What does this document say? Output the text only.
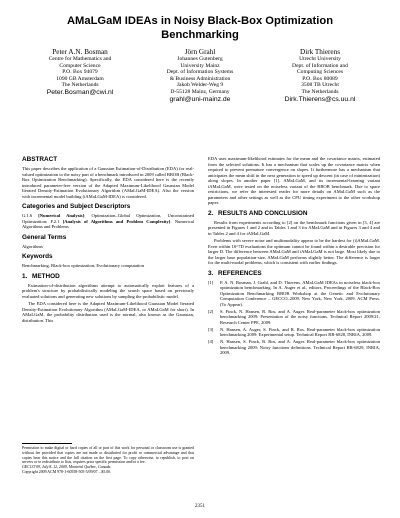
AMaLGaM IDEAs in Noisy Black-Box Optimization
Benchmarking
Peter A.N. Bosman
Centre for Mathematics and
Computer Science
P.O. Box 94079
1090 GB Amsterdam
The Netherlands
Peter.Bosman@cwi.nl
Jörn Grahl
Johannes Gutenberg
University Mainz
Dept. of Information Systems
& Business Administration
Jakob Welder-Weg 9
D-55128 Mainz, Germany
grahl@uni-mainz.de
Dirk Thierens
Utrecht University
Dept. of Information and
Computing Sciences
P.O. Box 80089
3508 TB Utrecht
The Netherlands
Dirk.Thierens@cs.uu.nl
ABSTRACT

This paper describes the application of a Gaussian Estimation-of-Distribution (EDA) for real-valued optimization to the noisy part of a benchmark introduced in 2009 called BBOB (Black-Box Optimization Benchmarking). Specifically, the EDA considered here is the recently introduced parameter-free version of the Adapted Maximum-Likelihood Gaussian Model Iterated Density-Estimation Evolutionary Algorithm (AMaLGaM-IDEA). Also the version with incremental model building (iAMaLGaM-IDEA) is considered.

Categories and Subject Descriptors

G.1.6 [Numerical Analysis]: Optimization–Global Optimization, Unconstrained Optimization; F.2.1 [Analysis of Algorithms and Problem Complexity]: Numerical Algorithms and Problems

General Terms

Algorithms

Keywords

Benchmarking, Black-box optimization, Evolutionary computation

1. METHOD

Estimation-of-distribution algorithms attempt to automatically exploit features of a problem's structure by probabilistically modeling the search space based on previously evaluated solutions and generating new solutions by sampling the probabilistic model.

The EDA considered here is the Adapted Maximum-Likelihood Gaussian Model Iterated Density-Estimation Evolutionary Algorithm (AMaLGaM-IDEA, or AMaLGaM for short). In AMaLGaM, the probability distribution used is the normal, also known as the Gaussian, distribution. This

Permission to make digital or hard copies of all or part of this work for personal or classroom use is granted without fee provided that copies are not made or distributed for profit or commercial advantage and that copies bear this notice and the full citation on the first page. To copy otherwise, to republish, to post on servers or to redistribute to lists, requires prior specific permission and/or a fee.

GECCO'09, July 8–12, 2009, Montréal Québec, Canada.

Copyright 2009 ACM 978-1-60558-505-5/09/07 ...$5.00.

EDA uses maximum-likelihood estimates for the mean and the covariance matrix, estimated from the selected solutions. It has a mechanism that scales up the covariance matrix when required to prevent premature convergence on slopes. It furthermore has a mechanism that anticipates the mean shift in the next generation to speed up descent (in case of minimization) along slopes. In another paper [1], AMaLGaM, and its incremental-learning variant iAMaLGaM, were tested on the noiseless variant of the BBOB benchmark. Due to space restrictions, we refer the interested reader for more details on AMaLGaM such as the parameters and other settings as well as the CPU timing experiment to the other workshop paper.

2. RESULTS AND CONCLUSION

Results from experiments according to [2] on the benchmark functions given in [3, 4] are presented in Figures 1 and 2 and in Tables 1 and 3 for AMaLGaM and in Figures 3 and 4 and in Tables 2 and 4 for iAMaLGaM.

Problems with severe noise and multimodality appear to be the hardest for (i)AMaLGaM. Even within 10^7D evaluations the optimum cannot be found within a desirable precision for larger D. The difference between AMaLGaM and iAMaLGaM is not large. Most likely due to the larger base population-size, AMaLGaM performs slightly better. The difference is larger for the multi-modal problems, which is consistent with earlier findings.

3. REFERENCES
[1] P. A. N. Bosman, J. Grahl, and D. Thierens. AMaLGaM IDEAs in noiseless black-box optimization benchmarking. In A. Auger et al., editors, Proceedings of the Black-Box Optimization Benchmarking BBOB Workshop at the Genetic and Evolutionary Computation Conference – GECCO–2009, New York, New York, 2009. ACM Press. (To Appear).
[2] S. Finck, N. Hansen, R. Ros, and A. Auger. Real-parameter black-box optimization benchmarking 2009: Presentation of the noisy functions. Technical Report 2009/21, Research Center PPE, 2009.
[3] N. Hansen, A. Auger, S. Finck, and R. Ros. Real-parameter black-box optimization benchmarking 2009: Experimental setup. Technical Report RR-6828, INRIA, 2009.
[4] N. Hansen, S. Finck, R. Ros, and A. Auger. Real-parameter black-box optimization benchmarking 2009: Noisy functions definitions. Technical Report RR-6829, INRIA, 2009.
2351
